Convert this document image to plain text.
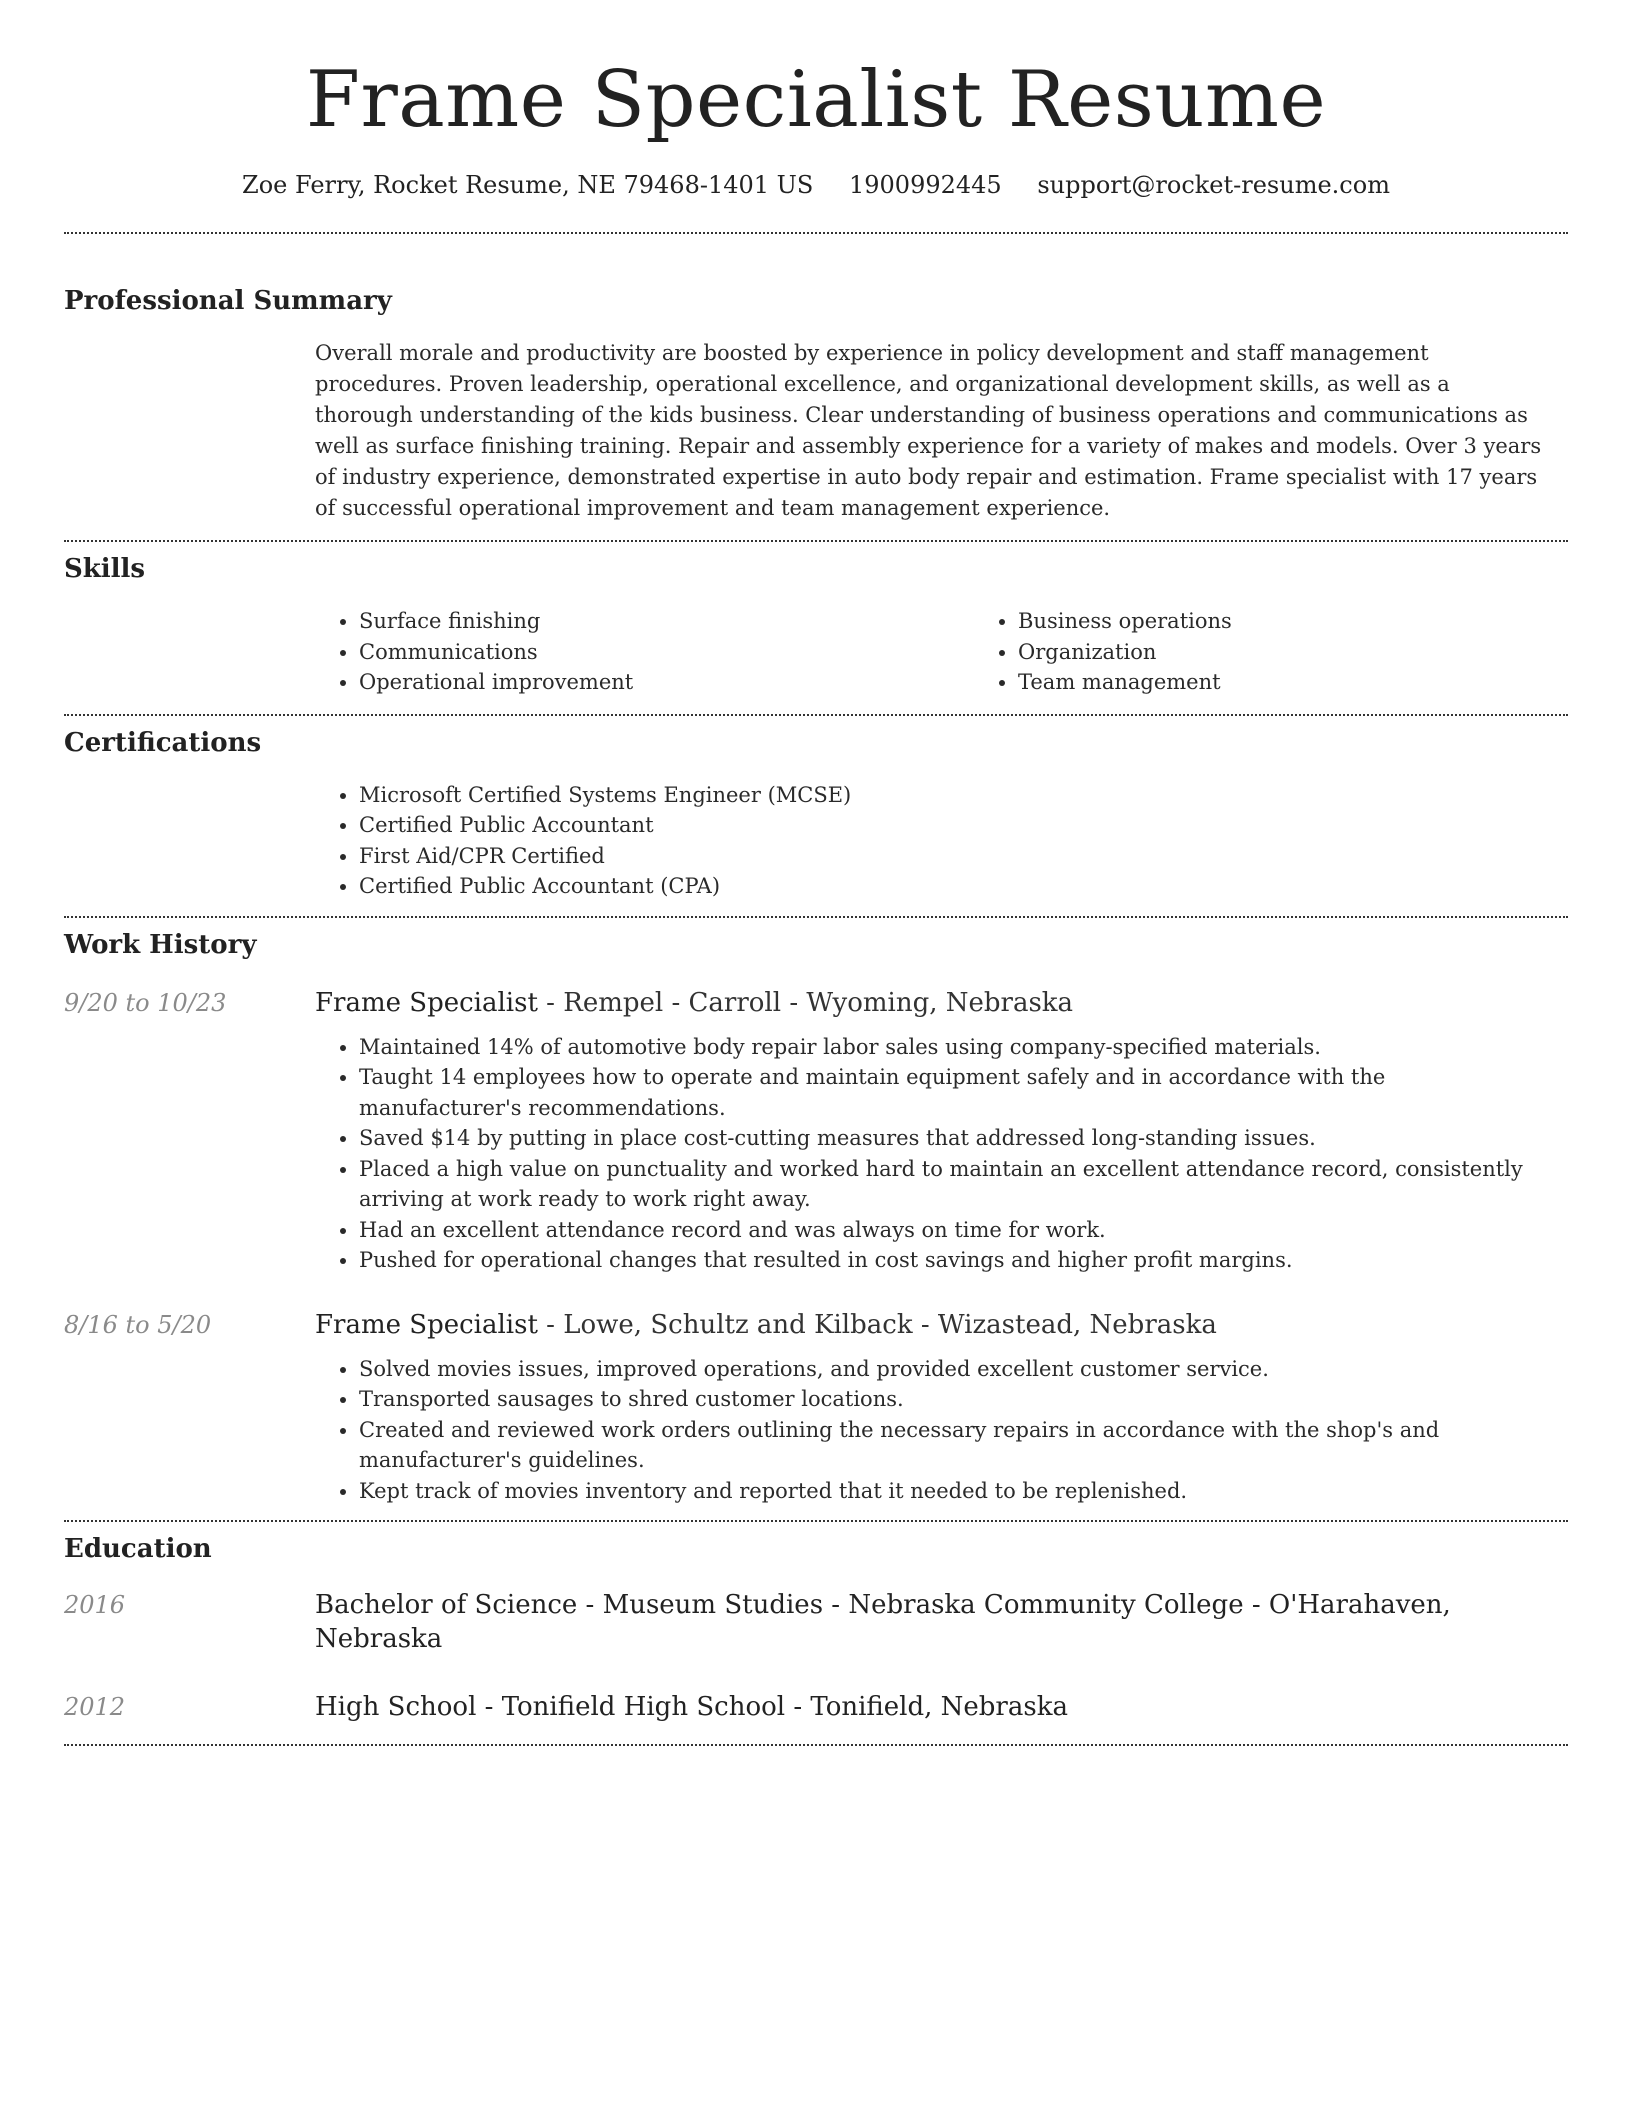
Frame Specialist Resume
Zoe Ferry, Rocket Resume, NE 79468-1401 US 1900992445 support@rocket-resume.com
Professional Summary

Overall morale and productivity are boosted by experience in policy development and staff management procedures. Proven leadership, operational excellence, and organizational development skills, as well as a thorough understanding of the kids business. Clear understanding of business operations and communications as well as surface finishing training. Repair and assembly experience for a variety of makes and models. Over 3 years of industry experience, demonstrated expertise in auto body repair and estimation. Frame specialist with 17 years of successful operational improvement and team management experience.

Skills
• Surface finishing
• Communications
• Operational improvement
• Business operations
• Organization
• Team management
Certifications
• Microsoft Certified Systems Engineer (MCSE)
• Certified Public Accountant
• First Aid/CPR Certified
• Certified Public Accountant (CPA)
Work History
9/20 to 10/23	Frame Specialist - Rempel - Carroll - Wyoming, Nebraska
• Maintained 14% of automotive body repair labor sales using company-specified materials.
• Taught 14 employees how to operate and maintain equipment safely and in accordance with the manufacturer's recommendations.
• Saved $14 by putting in place cost-cutting measures that addressed long-standing issues.
• Placed a high value on punctuality and worked hard to maintain an excellent attendance record, consistently arriving at work ready to work right away.
• Had an excellent attendance record and was always on time for work.
• Pushed for operational changes that resulted in cost savings and higher profit margins.
8/16 to 5/20	Frame Specialist - Lowe, Schultz and Kilback - Wizastead, Nebraska
• Solved movies issues, improved operations, and provided excellent customer service.
• Transported sausages to shred customer locations.
• Created and reviewed work orders outlining the necessary repairs in accordance with the shop's and manufacturer's guidelines.
• Kept track of movies inventory and reported that it needed to be replenished.
Education
2016	Bachelor of Science - Museum Studies - Nebraska Community College - O'Harahaven, Nebraska
2012	High School - Tonifield High School - Tonifield, Nebraska
